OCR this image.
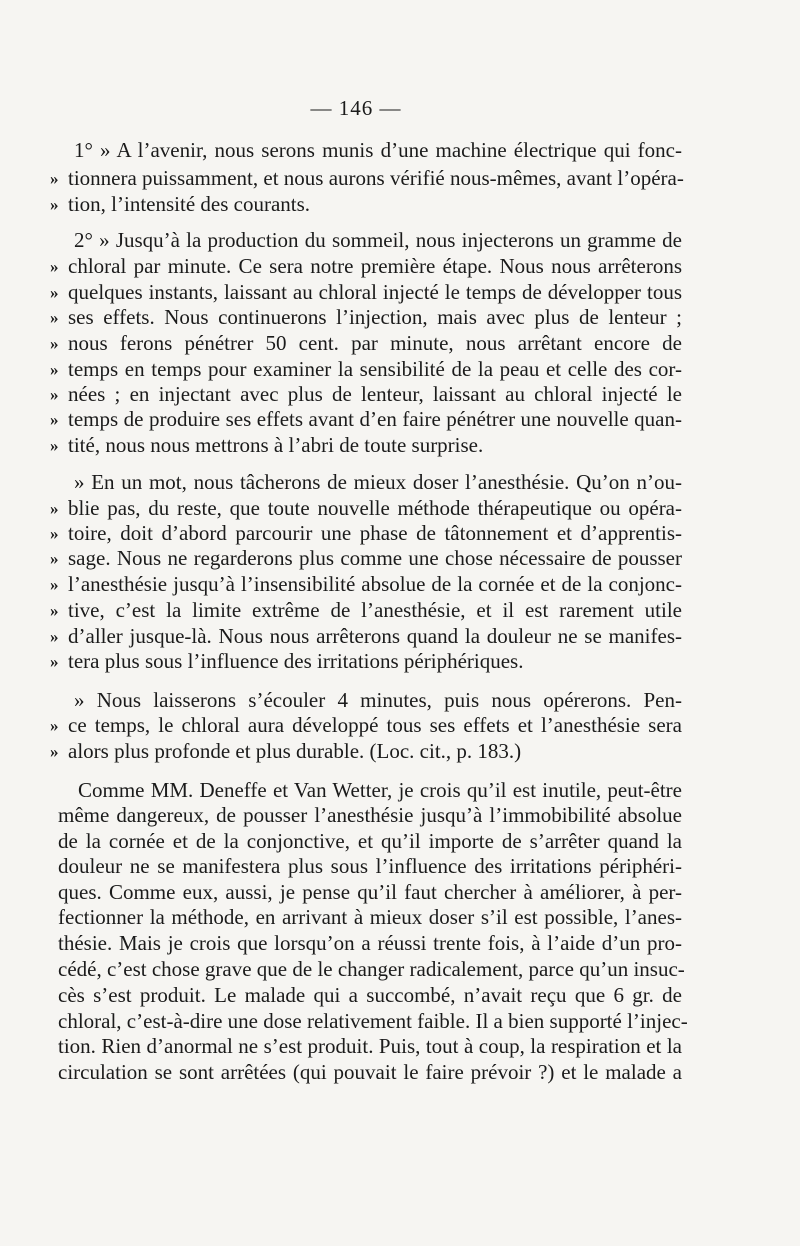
— 146 —
1° » A l’avenir, nous serons munis d’une machine électrique qui fonc-
» tionnera puissamment, et nous aurons vérifié nous-mêmes, avant l’opéra-
» tion, l’intensité des courants.
2° » Jusqu’à la production du sommeil, nous injecterons un gramme de
» chloral par minute. Ce sera notre première étape. Nous nous arrêterons
» quelques instants, laissant au chloral injecté le temps de développer tous
» ses effets. Nous continuerons l’injection, mais avec plus de lenteur ;
» nous ferons pénétrer 50 cent. par minute, nous arrêtant encore de
» temps en temps pour examiner la sensibilité de la peau et celle des cor-
» nées ; en injectant avec plus de lenteur, laissant au chloral injecté le
» temps de produire ses effets avant d’en faire pénétrer une nouvelle quan-
» tité, nous nous mettrons à l’abri de toute surprise.
» En un mot, nous tâcherons de mieux doser l’anesthésie. Qu’on n’ou-
» blie pas, du reste, que toute nouvelle méthode thérapeutique ou opéra-
» toire, doit d’abord parcourir une phase de tâtonnement et d’apprentis-
» sage. Nous ne regarderons plus comme une chose nécessaire de pousser
» l’anesthésie jusqu’à l’insensibilité absolue de la cornée et de la conjonc-
» tive, c’est la limite extrême de l’anesthésie, et il est rarement utile
» d’aller jusque-là. Nous nous arrêterons quand la douleur ne se manifes-
» tera plus sous l’influence des irritations périphériques.
» Nous laisserons s’écouler 4 minutes, puis nous opérerons. Pen-
» ce temps, le chloral aura développé tous ses effets et l’anesthésie sera
» alors plus profonde et plus durable. (Loc. cit., p. 183.)
Comme MM. Deneffe et Van Wetter, je crois qu’il est inutile, peut-être
même dangereux, de pousser l’anesthésie jusqu’à l’immobibilité absolue
de la cornée et de la conjonctive, et qu’il importe de s’arrêter quand la
douleur ne se manifestera plus sous l’influence des irritations périphéri-
ques. Comme eux, aussi, je pense qu’il faut chercher à améliorer, à per-
fectionner la méthode, en arrivant à mieux doser s’il est possible, l’anes-
thésie. Mais je crois que lorsqu’on a réussi trente fois, à l’aide d’un pro-
cédé, c’est chose grave que de le changer radicalement, parce qu’un insuc-
cès s’est produit. Le malade qui a succombé, n’avait reçu que 6 gr. de
chloral, c’est-à-dire une dose relativement faible. Il a bien supporté l’injec-
tion. Rien d’anormal ne s’est produit. Puis, tout à coup, la respiration et la
circulation se sont arrêtées (qui pouvait le faire prévoir ?) et le malade a
